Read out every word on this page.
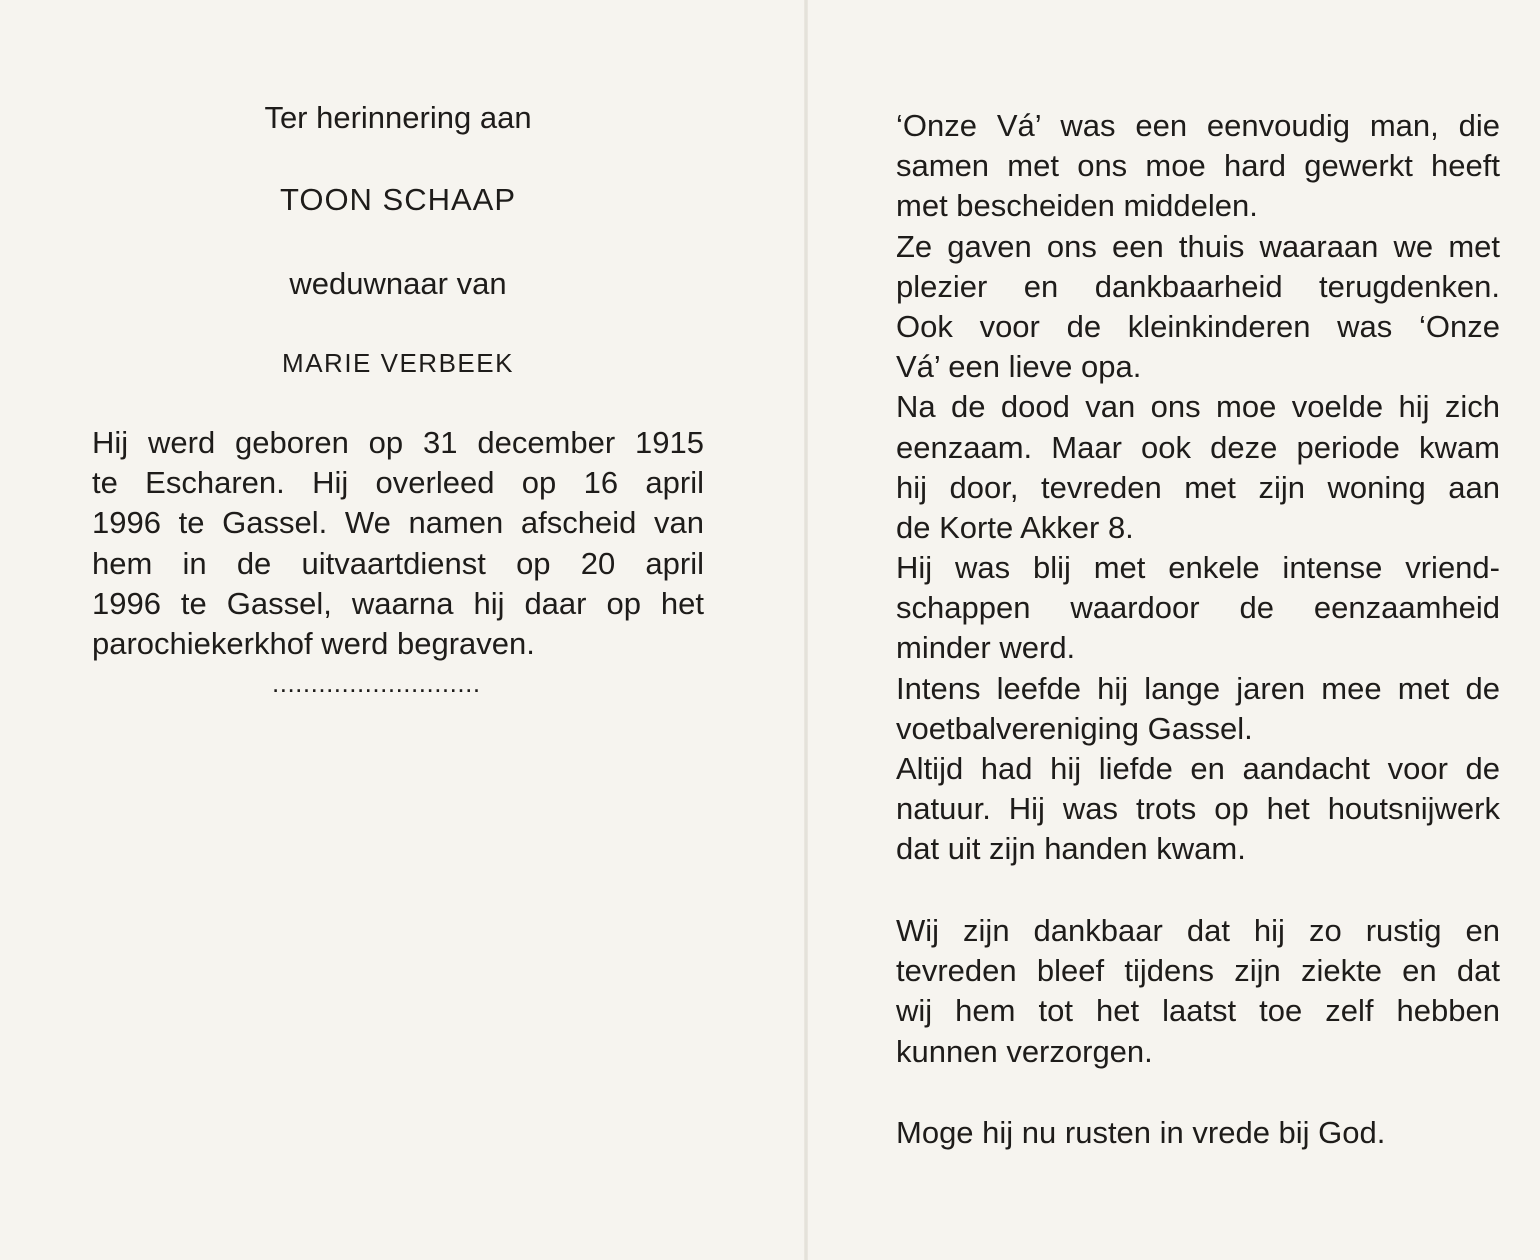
Ter herinnering aan
TOON SCHAAP
weduwnaar van
MARIE VERBEEK
Hij werd geboren op 31 december 1915
te Escharen. Hij overleed op 16 april
1996 te Gassel. We namen afscheid van
hem in de uitvaartdienst op 20 april
1996 te Gassel, waarna hij daar op het
parochiekerkhof werd begraven.
...........................
‘Onze Vá’ was een eenvoudig man, die
samen met ons moe hard gewerkt heeft
met bescheiden middelen.
Ze gaven ons een thuis waaraan we met
plezier en dankbaarheid terugdenken.
Ook voor de kleinkinderen was ‘Onze
Vá’ een lieve opa.
Na de dood van ons moe voelde hij zich
eenzaam. Maar ook deze periode kwam
hij door, tevreden met zijn woning aan
de Korte Akker 8.
Hij was blij met enkele intense vriend-
schappen waardoor de eenzaamheid
minder werd.
Intens leefde hij lange jaren mee met de
voetbalvereniging Gassel.
Altijd had hij liefde en aandacht voor de
natuur. Hij was trots op het houtsnijwerk
dat uit zijn handen kwam.
Wij zijn dankbaar dat hij zo rustig en
tevreden bleef tijdens zijn ziekte en dat
wij hem tot het laatst toe zelf hebben
kunnen verzorgen.
Moge hij nu rusten in vrede bij God.
